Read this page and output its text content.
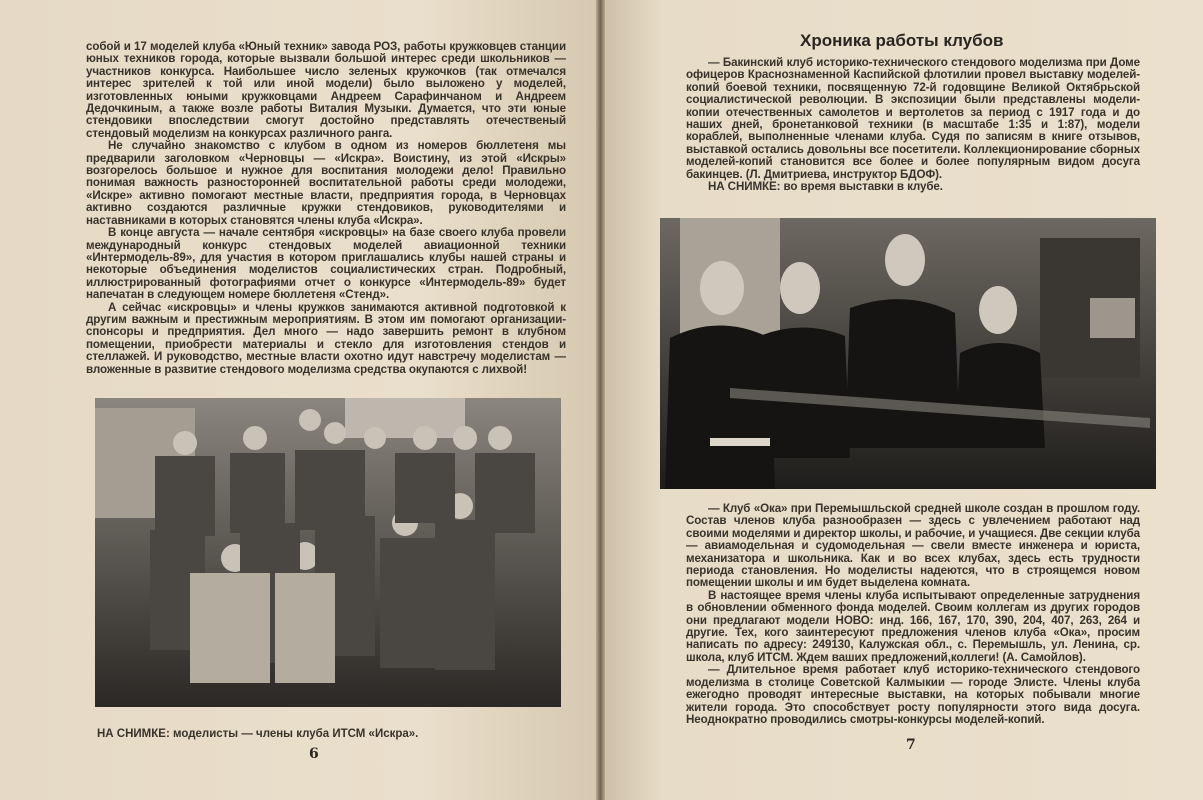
собой и 17 моделей клуба «Юный техник» завода РОЗ, работы кружковцев станции юных техников города, которые вызвали большой интерес среди школьников — участников конкурса. Наибольшее число зеленых кружочков (так отмечался интерес зрителей к той или иной модели) было выложено у моделей, изготовленных юными кружковцами Андреем Сарафинчаном и Андреем Дедочкиным, а также возле работы Виталия Музыки. Думается, что эти юные стендовики впоследствии смогут достойно представлять отечественый стендовый моделизм на конкурсах различного ранга.

Не случайно знакомство с клубом в одном из номеров бюллетеня мы предварили заголовком «Черновцы — «Искра». Воистину, из этой «Искры» возгорелось большое и нужное для воспитания молодежи дело! Правильно понимая важность разносторонней воспитательной работы среди молодежи, «Искре» активно помогают местные власти, предприятия города, в Черновцах активно создаются различные кружки стендовиков, руководителями и наставниками в которых становятся члены клуба «Искра».

В конце августа — начале сентября «искровцы» на базе своего клуба провели международный конкурс стендовых моделей авиационной техники «Интермодель-89», для участия в котором приглашались клубы нашей страны и некоторые объединения моделистов социалистических стран. Подробный, иллюстрированный фотографиями отчет о конкурсе «Интермодель-89» будет напечатан в следующем номере бюллетеня «Стенд».

А сейчас «искровцы» и члены кружков занимаются активной подготовкой к другим важным и престижным мероприятиям. В этом им помогают организации-спонсоры и предприятия. Дел много — надо завершить ремонт в клубном помещении, приобрести материалы и стекло для изготовления стендов и стеллажей. И руководство, местные власти охотно идут навстречу моделистам — вложенные в развитие стендового моделизма средства окупаются с лихвой!

НА СНИМКЕ: моделисты — члены клуба ИТСМ «Искра».
6
Хроника работы клубов

— Бакинский клуб историко-технического стендового моделизма при Доме офицеров Краснознаменной Каспийской флотилии провел выставку моделей-копий боевой техники, посвященную 72-й годовщине Великой Октябрьской социалистической революции. В экспозиции были представлены модели-копии отечественных самолетов и вертолетов за период с 1917 года и до наших дней, бронетанковой техники (в масштабе 1:35 и 1:87), модели кораблей, выполненные членами клуба. Судя по записям в книге отзывов, выставкой остались довольны все посетители. Коллекционирование сборных моделей-копий становится все более и более популярным видом досуга бакинцев. (Л. Дмитриева, инструктор БДОФ).

НА СНИМКЕ: во время выставки в клубе.

— Клуб «Ока» при Перемышльской средней школе создан в прошлом году. Состав членов клуба разнообразен — здесь с увлечением работают над своими моделями и директор школы, и рабочие, и учащиеся. Две секции клуба — авиамодельная и судомодельная — свели вместе инженера и юриста, механизатора и школьника. Как и во всех клубах, здесь есть трудности периода становления. Но моделисты надеются, что в строящемся новом помещении школы и им будет выделена комната.

В настоящее время члены клуба испытывают определенные затруднения в обновлении обменного фонда моделей. Своим коллегам из других городов они предлагают модели НОВО: инд. 166, 167, 170, 390, 204, 407, 263, 264 и другие. Тех, кого заинтересуют предложения членов клуба «Ока», просим написать по адресу: 249130, Калужская обл., с. Перемышль, ул. Ленина, ср. школа, клуб ИТСМ. Ждем ваших предложений,коллеги! (А. Самойлов).

— Длительное время работает клуб историко-технического стендового моделизма в столице Советской Калмыкии — городе Элисте. Члены клуба ежегодно проводят интересные выставки, на которых побывали многие жители города. Это способствует росту популярности этого вида досуга. Неоднократно проводились смотры-конкурсы моделей-копий.

7
